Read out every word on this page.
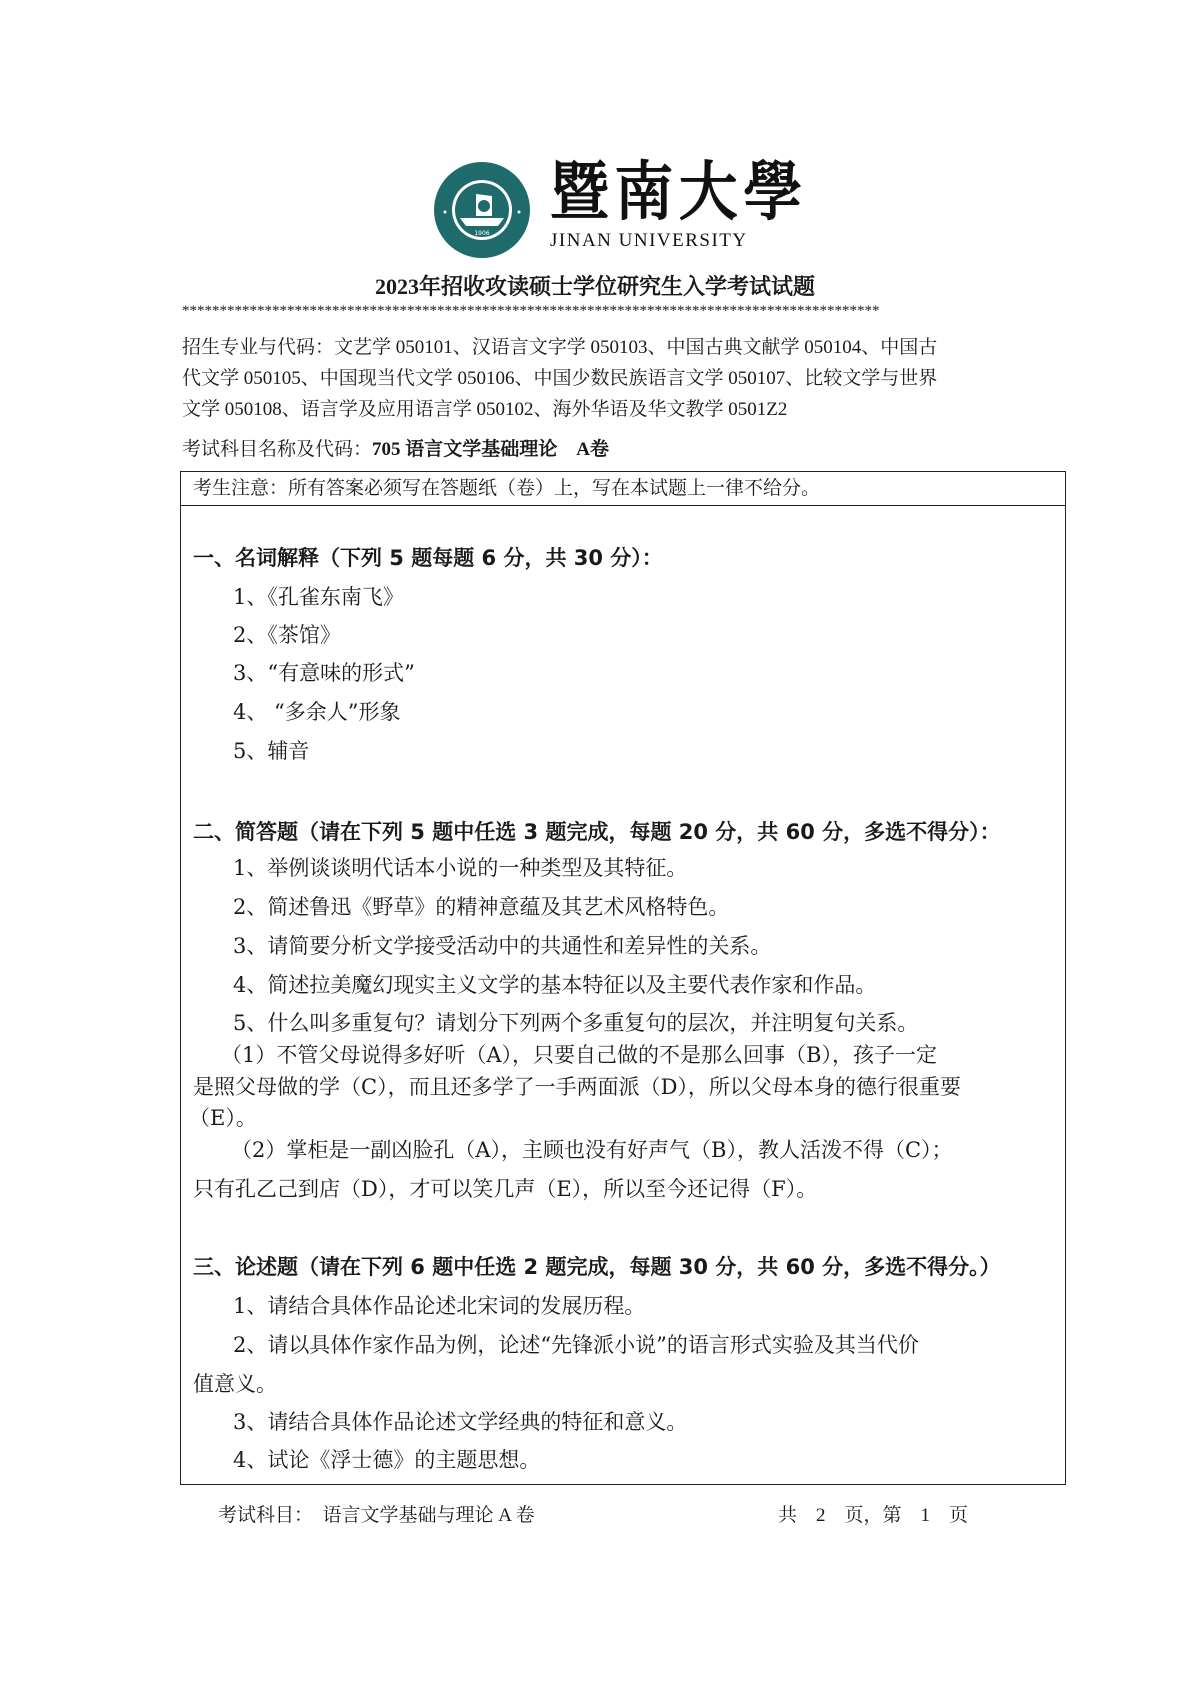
1906
暨南大學
JINAN UNIVERSITY
2023年招收攻读硕士学位研究生入学考试试题
*********************************************************************************************
招生专业与代码：文艺学 050101、汉语言文字学 050103、中国古典文献学 050104、中国古
代文学 050105、中国现当代文学 050106、中国少数民族语言文学 050107、比较文学与世界
文学 050108、语言学及应用语言学 050102、海外华语及华文教学 0501Z2
考试科目名称及代码：705 语言文学基础理论　A卷
考生注意：所有答案必须写在答题纸（卷）上，写在本试题上一律不给分。
一、名词解释（下列 5 题每题 6 分，共 30 分）：
1、《孔雀东南飞》
2、《茶馆》
3、“有意味的形式”
4、 “多余人”形象
5、辅音
二、简答题（请在下列 5 题中任选 3 题完成，每题 20 分，共 60 分，多选不得分）：
1、举例谈谈明代话本小说的一种类型及其特征。
2、简述鲁迅《野草》的精神意蕴及其艺术风格特色。
3、请简要分析文学接受活动中的共通性和差异性的关系。
4、简述拉美魔幻现实主义文学的基本特征以及主要代表作家和作品。
5、什么叫多重复句？请划分下列两个多重复句的层次，并注明复句关系。
（1）不管父母说得多好听（A），只要自己做的不是那么回事（B），孩子一定
是照父母做的学（C），而且还多学了一手两面派（D），所以父母本身的德行很重要
（E）。
（2）掌柜是一副凶脸孔（A），主顾也没有好声气（B），教人活泼不得（C）；
只有孔乙己到店（D），才可以笑几声（E），所以至今还记得（F）。
三、论述题（请在下列 6 题中任选 2 题完成，每题 30 分，共 60 分，多选不得分。）
1、请结合具体作品论述北宋词的发展历程。
2、请以具体作家作品为例，论述“先锋派小说”的语言形式实验及其当代价
值意义。
3、请结合具体作品论述文学经典的特征和意义。
4、试论《浮士德》的主题思想。
考试科目：　语言文学基础与理论 A 卷	共　2　页，第　1　页
